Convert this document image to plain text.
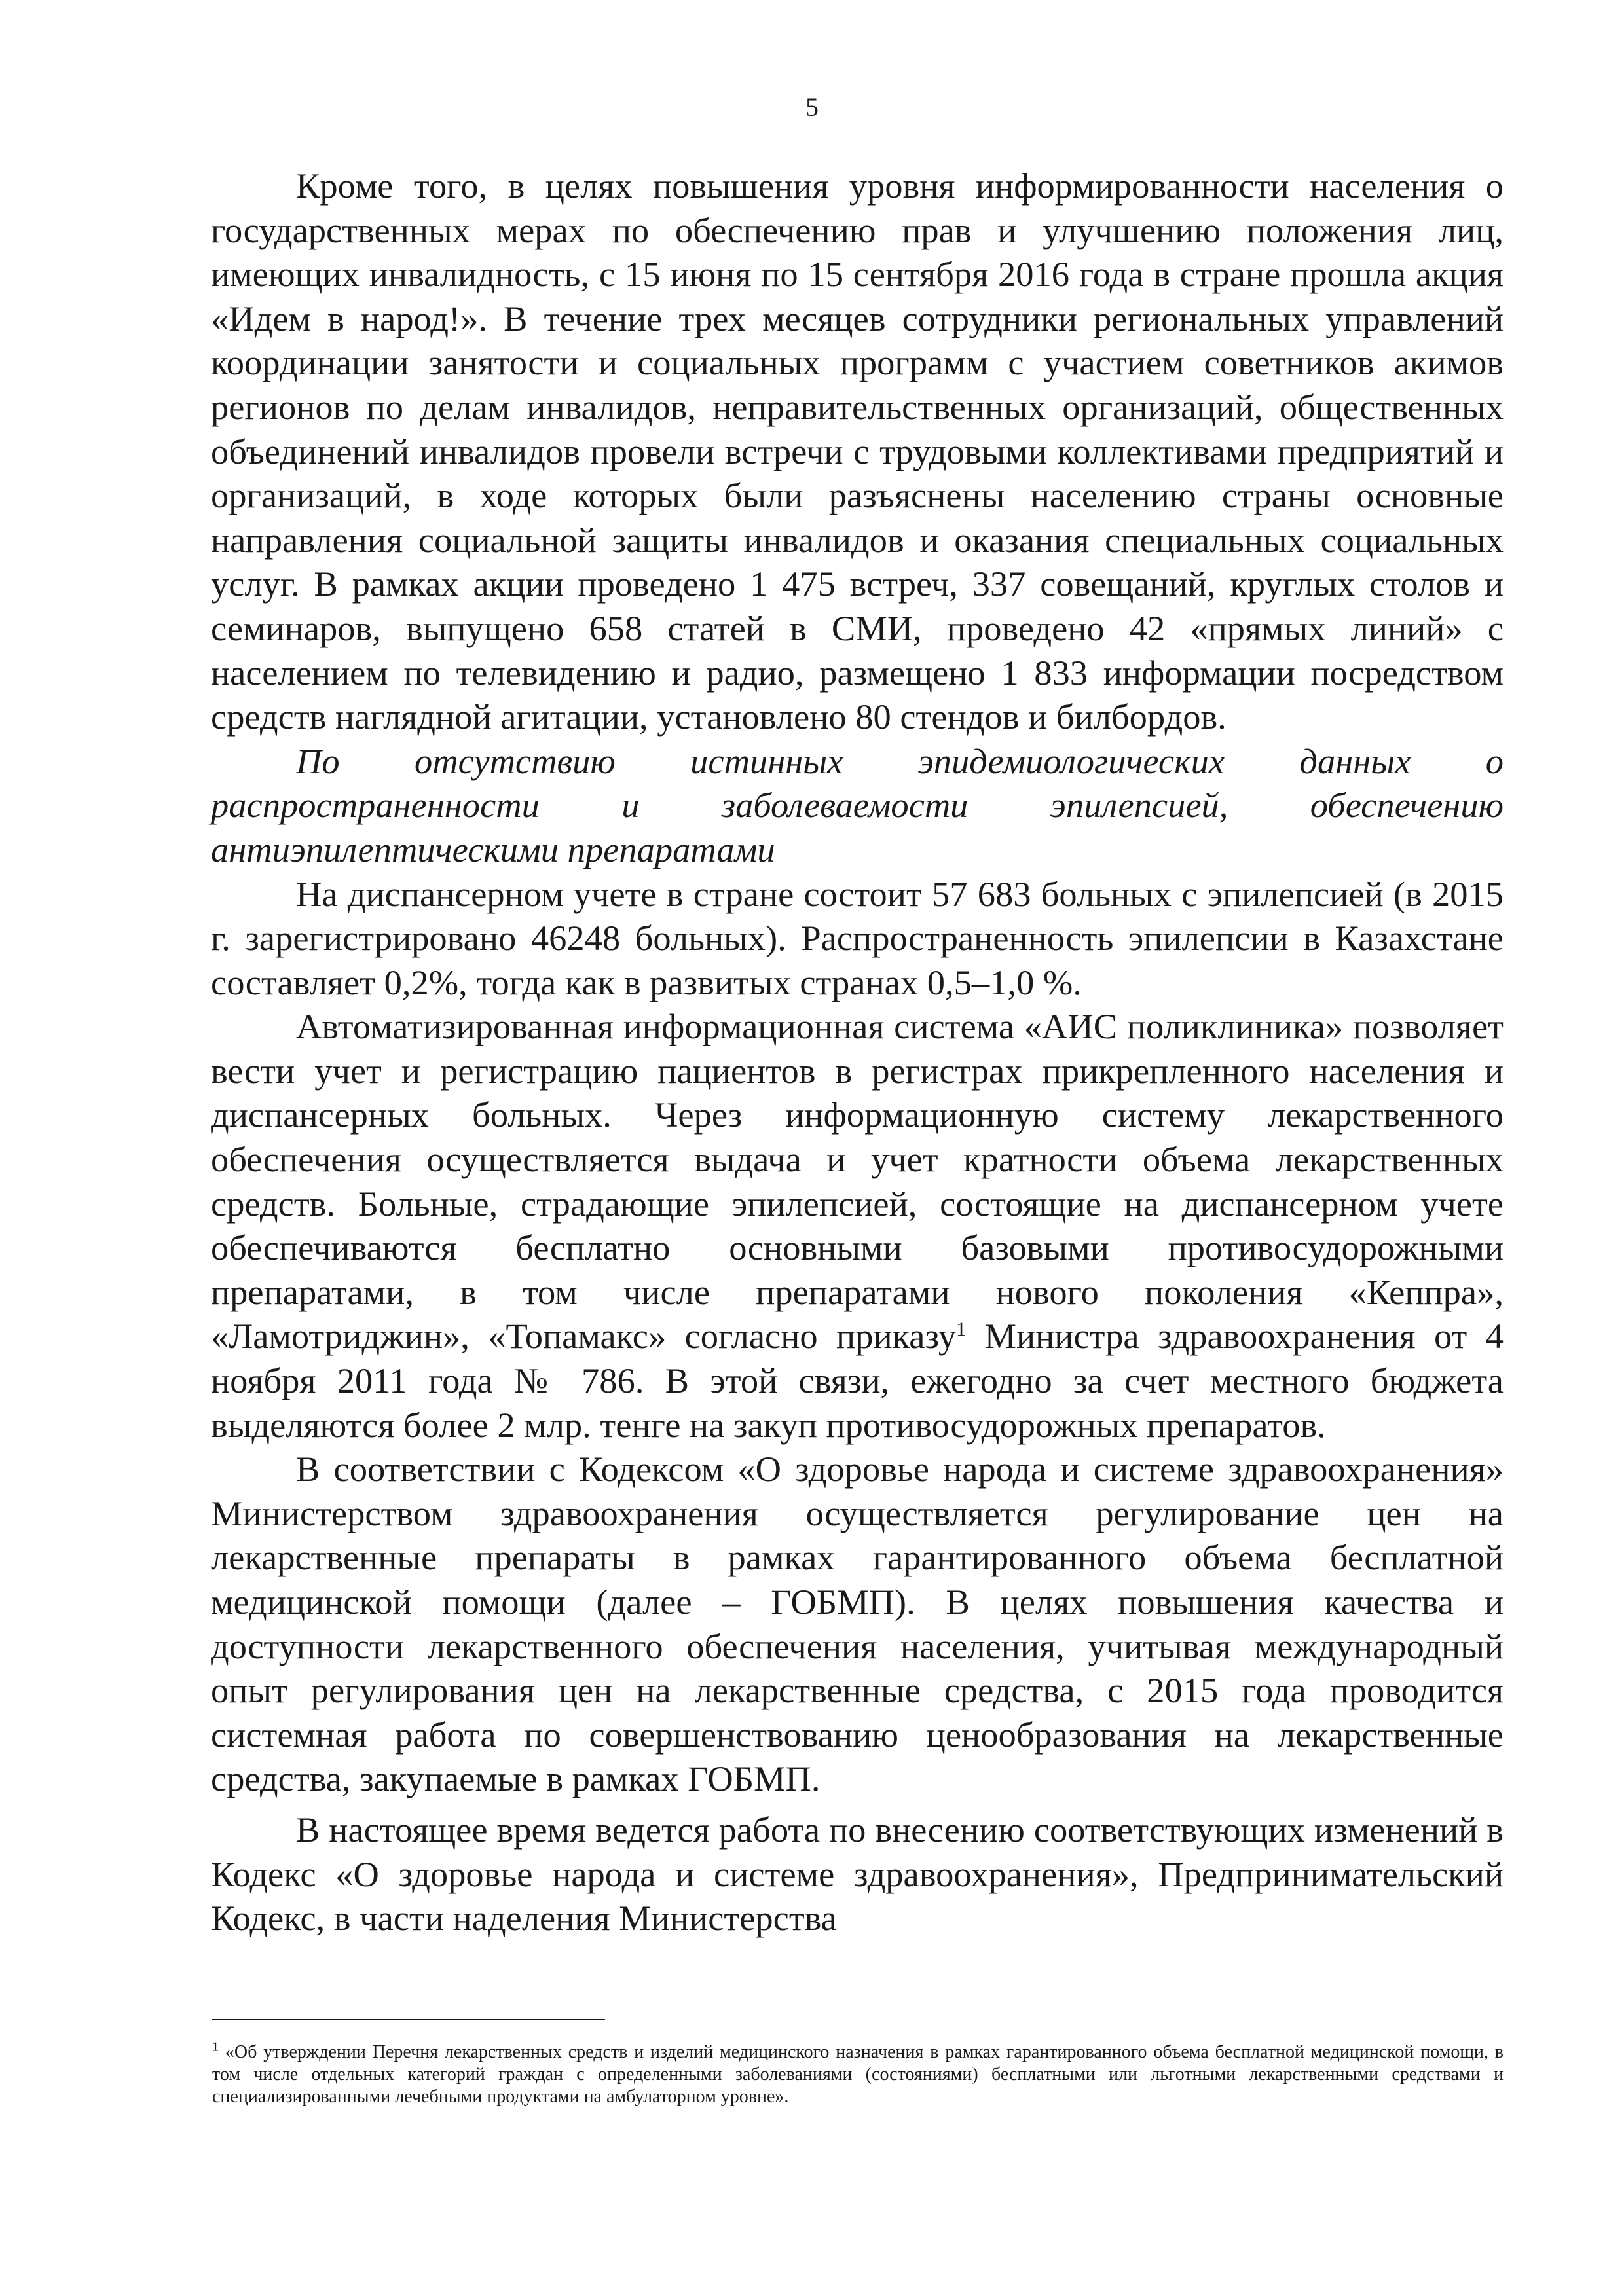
5

Кроме того, в целях повышения уровня информированности населения о государственных мерах по обеспечению прав и улучшению положения лиц, имеющих инвалидность, с 15 июня по 15 сентября 2016 года в стране прошла акция «Идем в народ!». В течение трех месяцев сотрудники региональных управлений координации занятости и социальных программ с участием советников акимов регионов по делам инвалидов, неправительственных организаций, общественных объединений инвалидов провели встречи с трудовыми коллективами предприятий и организаций, в ходе которых были разъяснены населению страны основные направления социальной защиты инвалидов и оказания специальных социальных услуг. В рамках акции проведено 1 475 встреч, 337 совещаний, круглых столов и семинаров, выпущено 658 статей в СМИ, проведено 42 «прямых линий» с населением по телевидению и радио, размещено 1 833 информации посредством средств наглядной агитации, установлено 80 стендов и билбордов.

По отсутствию истинных эпидемиологических данных о распространенности и заболеваемости эпилепсией, обеспечению антиэпилептическими препаратами

На диспансерном учете в стране состоит 57 683 больных с эпилепсией (в 2015 г. зарегистрировано 46248 больных). Распространенность эпилепсии в Казахстане составляет 0,2%, тогда как в развитых странах 0,5–1,0 %.

Автоматизированная информационная система «АИС поликлиника» позволяет вести учет и регистрацию пациентов в регистрах прикрепленного населения и диспансерных больных. Через информационную систему лекарственного обеспечения осуществляется выдача и учет кратности объема лекарственных средств. Больные, страдающие эпилепсией, состоящие на диспансерном учете обеспечиваются бесплатно основными базовыми противосудорожными препаратами, в том числе препаратами нового поколения «Кеппра», «Ламотриджин», «Топамакс» согласно приказу$^1$ Министра здравоохранения от 4 ноября 2011 года № 786. В этой связи, ежегодно за счет местного бюджета выделяются более 2 млр. тенге на закуп противосудорожных препаратов.

В соответствии с Кодексом «О здоровье народа и системе здравоохранения» Министерством здравоохранения осуществляется регулирование цен на лекарственные препараты в рамках гарантированного объема бесплатной медицинской помощи (далее – ГОБМП). В целях повышения качества и доступности лекарственного обеспечения населения, учитывая международный опыт регулирования цен на лекарственные средства, с 2015 года проводится системная работа по совершенствованию ценообразования на лекарственные средства, закупаемые в рамках ГОБМП.

В настоящее время ведется работа по внесению соответствующих изменений в Кодекс «О здоровье народа и системе здравоохранения», Предпринимательский Кодекс, в части наделения Министерства

$^1$ «Об утверждении Перечня лекарственных средств и изделий медицинского назначения в рамках гарантированного объема бесплатной медицинской помощи, в том числе отдельных категорий граждан с определенными заболеваниями (состояниями) бесплатными или льготными лекарственными средствами и специализированными лечебными продуктами на амбулаторном уровне».
